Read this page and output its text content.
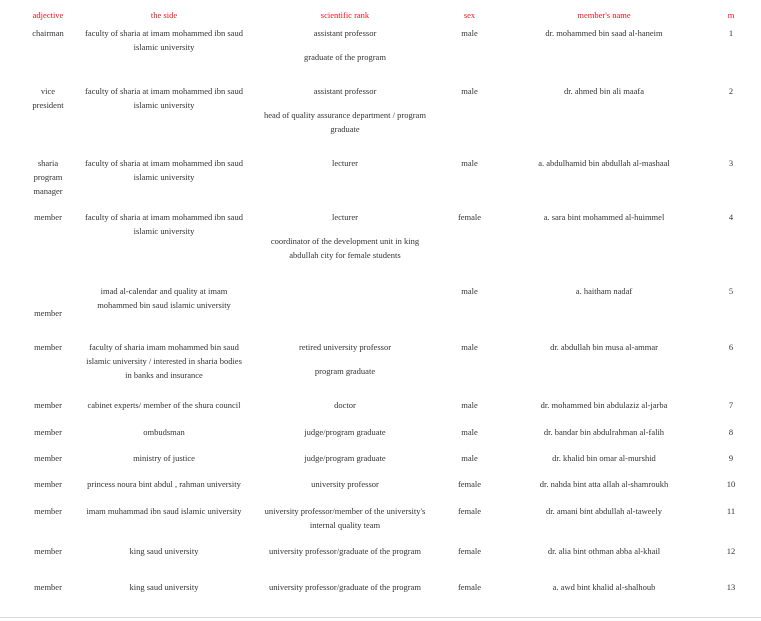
adjective	the side	scientific rank	sex	member's name	m

chairman	faculty of sharia at imam mohammed ibn saud
islamic university	assistant professor
graduate of the program	male	dr. mohammed bin saad al-haneim	1

vice
president	faculty of sharia at imam mohammed ibn saud
islamic university	assistant professor
head of quality assurance department / program
graduate	male	dr. ahmed bin ali maafa	2

sharia
program
manager	faculty of sharia at imam mohammed ibn saud
islamic university	lecturer	male	a. abdulhamid bin abdullah al-mashaal	3

member	faculty of sharia at imam mohammed ibn saud
islamic university	lecturer
coordinator of the development unit in king
abdullah city for female students	female	a. sara bint mohammed al-huimmel	4

member	imad al-calendar and quality at imam
mohammed bin saud islamic university		male	a. haitham nadaf	5

member	faculty of sharia imam mohammed bin saud
islamic university / interested in sharia bodies
in banks and insurance	retired university professor
program graduate	male	dr. abdullah bin musa al-ammar	6

member	cabinet experts/ member of the shura council	doctor	male	dr. mohammed bin abdulaziz al-jarba	7

member	ombudsman	judge/program graduate	male	dr. bandar bin abdulrahman al-falih	8

member	ministry of justice	judge/program graduate	male	dr. khalid bin omar al-murshid	9

member	princess noura bint abdul , rahman university	university professor	female	dr. nahda bint atta allah al-shamroukh	10

member	imam muhammad ibn saud islamic university	university professor/member of the university's
internal quality team	female	dr. amani bint abdullah al-taweely	11

member	king saud university	university professor/graduate of the program	female	dr. alia bint othman abba al-khail	12

member	king saud university	university professor/graduate of the program	female	a. awd bint khalid al-shalhoub	13
